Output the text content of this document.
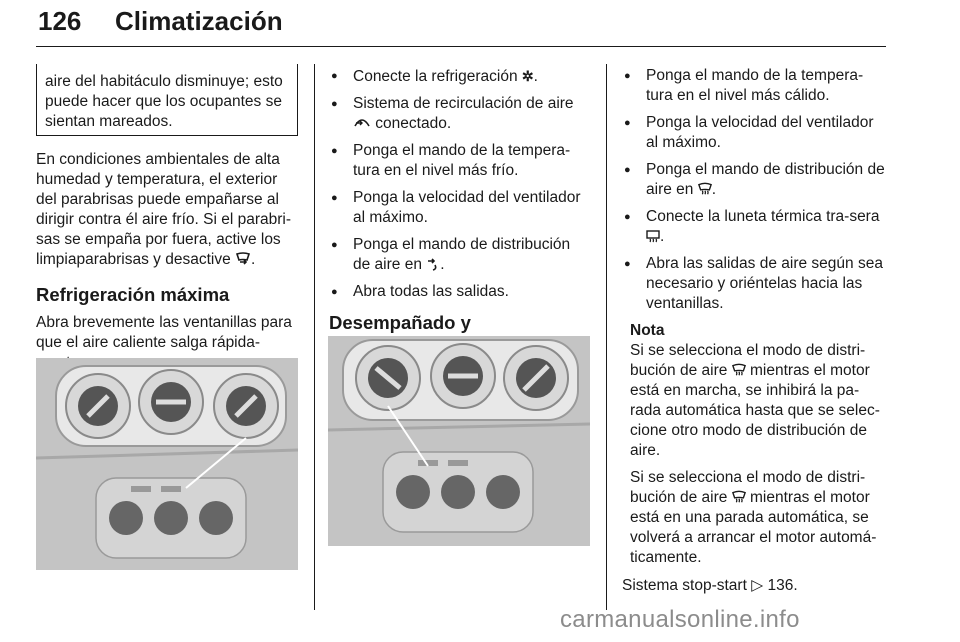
126 Climatización
aire del habitáculo disminuye; esto puede hacer que los ocupantes se sientan mareados.

En condiciones ambientales de alta humedad y temperatura, el exterior del parabrisas puede empañarse al dirigir contra él aire frío. Si el parabri-sas se empaña por fuera, active los limpiaparabrisas y desactive .

Refrigeración máxima

Abra brevemente las ventanillas para que el aire caliente salga rápida-

● Conecte la refrigeración ✲.
● Sistema de recirculación de aire
conectado.
● Ponga el mando de la tempera-tura en el nivel más frío.
● Ponga la velocidad del ventilador al máximo.
● Ponga el mando de distribución de aire en .
● Abra todas las salidas.
Desempañado y
● Ponga el mando de la tempera-tura en el nivel más cálido.
● Ponga la velocidad del ventilador al máximo.
● Ponga el mando de distribución de aire en .
● Conecte la luneta térmica tra-sera .
● Abra las salidas de aire según sea necesario y oriéntelas hacia las ventanillas.

Nota

Si se selecciona el modo de distri-bución de aire mientras el motor está en marcha, se inhibirá la pa-rada automática hasta que se selec-cione otro modo de distribución de aire.

Si se selecciona el modo de distri-bución de aire mientras el motor está en una parada automática, se volverá a arrancar el motor automá-ticamente.

Sistema stop-start ▷ 136.

carmanualsonline.info
